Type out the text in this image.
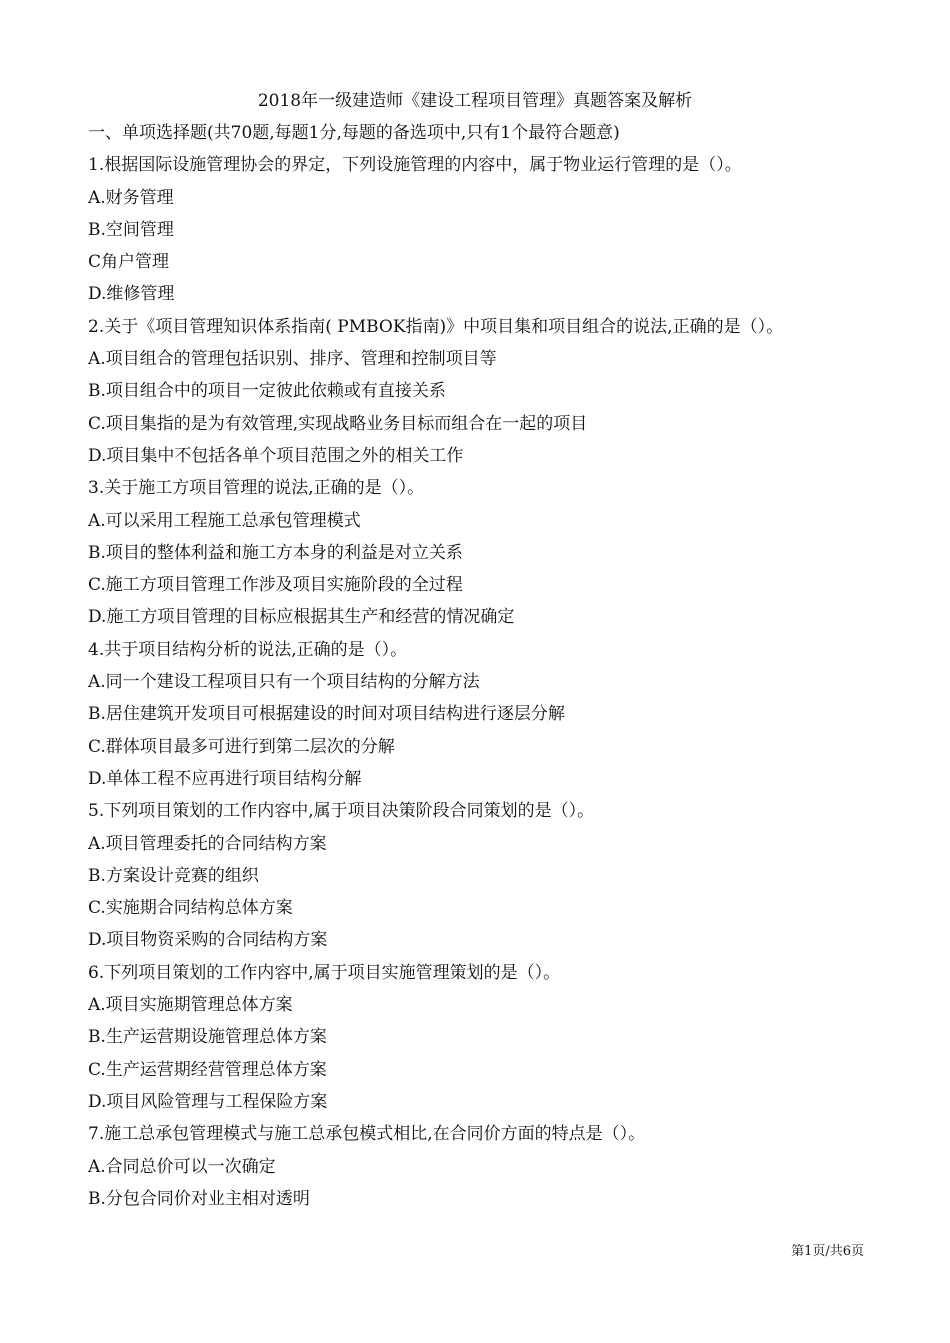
2018年一级建造师《建设工程项目管理》真题答案及解析
一、单项选择题(共70题,每题1分,每题的备选项中,只有1个最符合题意)
1.根据国际设施管理协会的界定，下列设施管理的内容中，属于物业运行管理的是（）。
A.财务管理
B.空间管理
C角户管理
D.维修管理
2.关于《项目管理知识体系指南( PMBOK指南)》中项目集和项目组合的说法,正确的是（）。
A.项目组合的管理包括识别、排序、管理和控制项目等
B.项目组合中的项目一定彼此依赖或有直接关系
C.项目集指的是为有效管理,实现战略业务目标而组合在一起的项目
D.项目集中不包括各单个项目范围之外的相关工作
3.关于施工方项目管理的说法,正确的是（）。
A.可以采用工程施工总承包管理模式
B.项目的整体利益和施工方本身的利益是对立关系
C.施工方项目管理工作涉及项目实施阶段的全过程
D.施工方项目管理的目标应根据其生产和经营的情况确定
4.共于项目结构分析的说法,正确的是（）。
A.同一个建设工程项目只有一个项目结构的分解方法
B.居住建筑开发项目可根据建设的时间对项目结构进行逐层分解
C.群体项目最多可进行到第二层次的分解
D.单体工程不应再进行项目结构分解
5.下列项目策划的工作内容中,属于项目决策阶段合同策划的是（）。
A.项目管理委托的合同结构方案
B.方案设计竞赛的组织
C.实施期合同结构总体方案
D.项目物资采购的合同结构方案
6.下列项目策划的工作内容中,属于项目实施管理策划的是（）。
A.项目实施期管理总体方案
B.生产运营期设施管理总体方案
C.生产运营期经营管理总体方案
D.项目风险管理与工程保险方案
7.施工总承包管理模式与施工总承包模式相比,在合同价方面的特点是（）。
A.合同总价可以一次确定
B.分包合同价对业主相对透明
第1页/共6页
